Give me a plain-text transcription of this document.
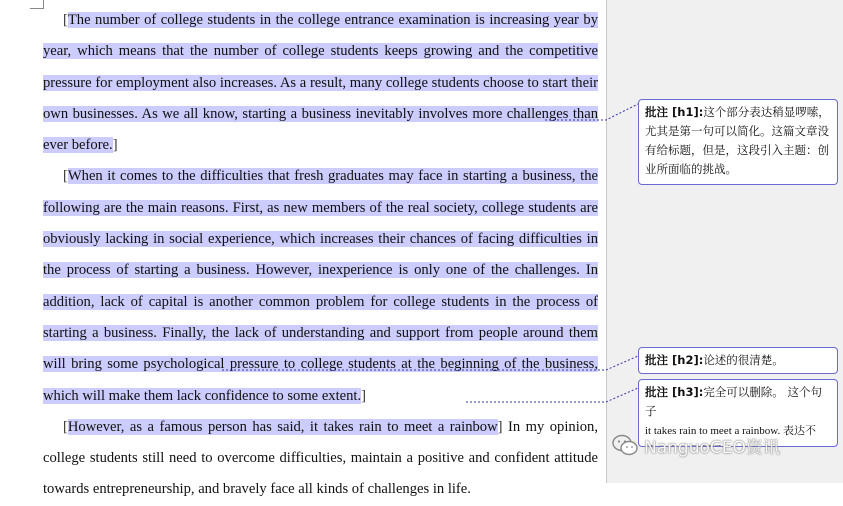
[The number of college students in the college entrance examination is increasing year by year, which means that the number of college students keeps growing and the competitive pressure for employment also increases. As a result, many college students choose to start their own businesses. As we all know, starting a business inevitably involves more challenges than ever before.]

[When it comes to the difficulties that fresh graduates may face in starting a business, the following are the main reasons. First, as new members of the real society, college students are obviously lacking in social experience, which increases their chances of facing difficulties in the process of starting a business. However, inexperience is only one of the challenges. In addition, lack of capital is another common problem for college students in the process of starting a business. Finally, the lack of understanding and support from people around them will bring some psychological pressure to college students at the beginning of the business, which will make them lack confidence to some extent.]

[However, as a famous person has said, it takes rain to meet a rainbow] In my opinion, college students still need to overcome difficulties, maintain a positive and confident attitude towards entrepreneurship, and bravely face all kinds of challenges in life.

批注 [h1]:这个部分表达稍显啰嗦，尤其是第一句可以简化。这篇文章没有给标题，但是，这段引入主题：创业所面临的挑战。
批注 [h2]:论述的很清楚。
批注 [h3]:完全可以删除。 这个句子
it takes rain to meet a rainbow. 表达不
NanguoCEO资讯
